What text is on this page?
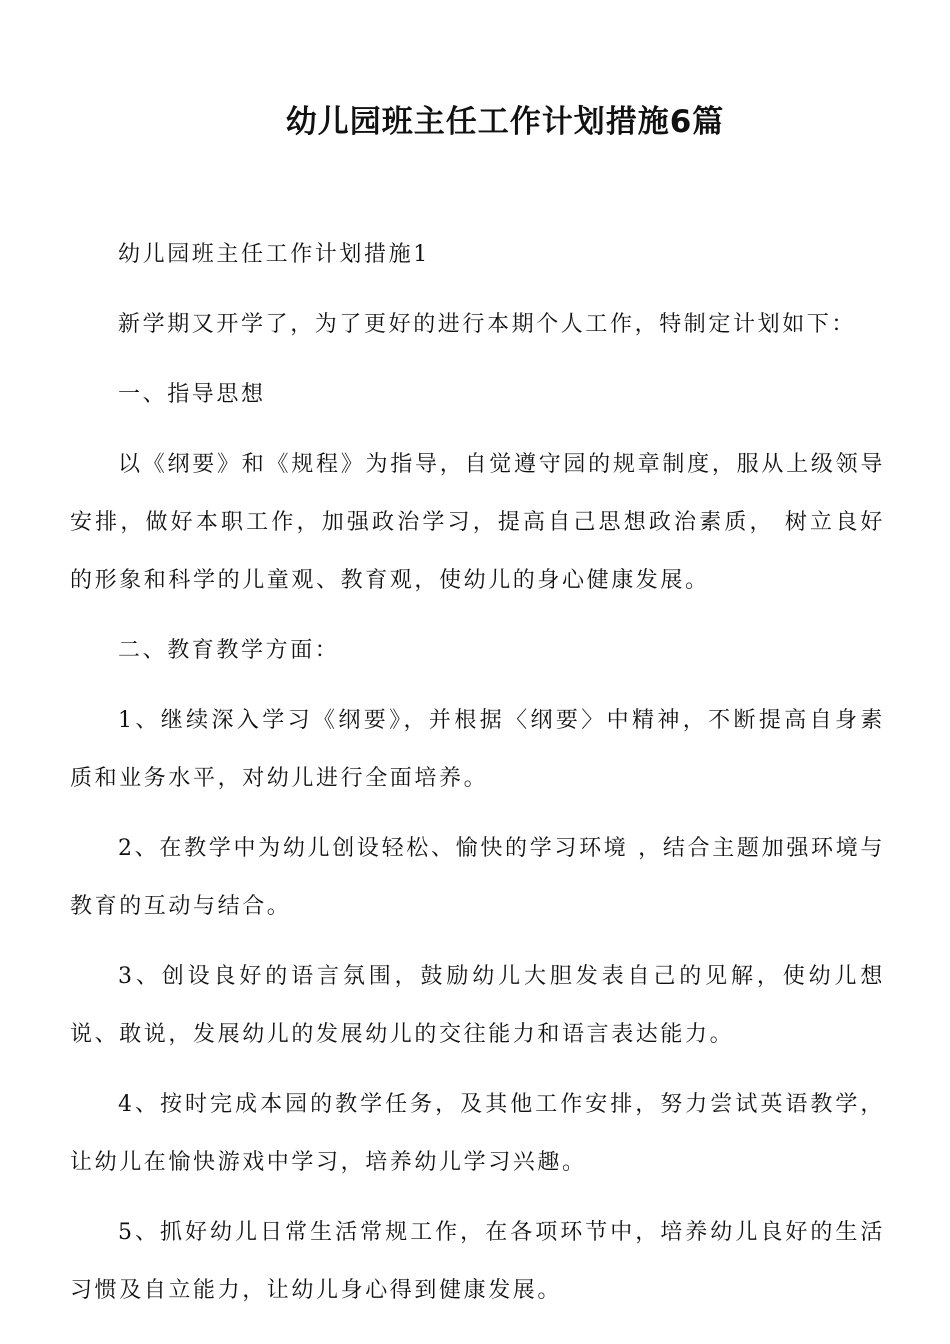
幼儿园班主任工作计划措施6篇

幼儿园班主任工作计划措施1

新学期又开学了，为了更好的进行本期个人工作，特制定计划如下：

一、指导思想

以《纲要》和《规程》为指导，自觉遵守园的规章制度，服从上级领导安排，做好本职工作，加强政治学习，提高自己思想政治素质， 树立良好的形象和科学的儿童观、教育观，使幼儿的身心健康发展。

二、教育教学方面：

1、继续深入学习《纲要》，并根据〈纲要〉中精神，不断提高自身素质和业务水平，对幼儿进行全面培养。

2、在教学中为幼儿创设轻松、愉快的学习环境 ，结合主题加强环境与教育的互动与结合。

3、创设良好的语言氛围，鼓励幼儿大胆发表自己的见解，使幼儿想说、敢说，发展幼儿的发展幼儿的交往能力和语言表达能力。

4、按时完成本园的教学任务，及其他工作安排，努力尝试英语教学，让幼儿在愉快游戏中学习，培养幼儿学习兴趣。

5、抓好幼儿日常生活常规工作，在各项环节中，培养幼儿良好的生活习惯及自立能力，让幼儿身心得到健康发展。
